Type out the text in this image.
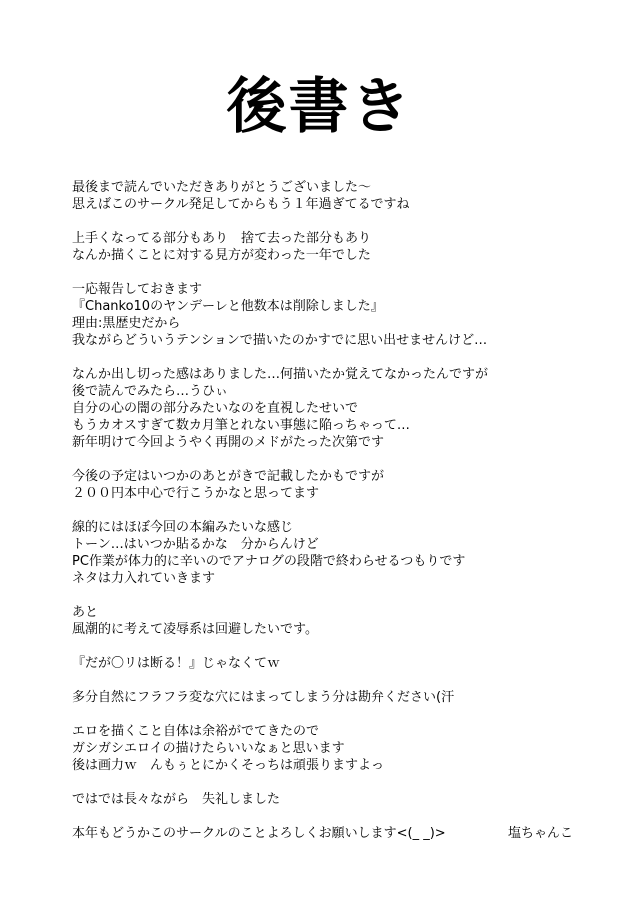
後書き
最後まで読んでいただきありがとうございました～
思えばこのサークル発足してからもう１年過ぎてるですね
上手くなってる部分もあり　捨て去った部分もあり
なんか描くことに対する見方が変わった一年でした
一応報告しておきます
『Chanko10のヤンデーレと他数本は削除しました』
理由:黒歴史だから
我ながらどういうテンションで描いたのかすでに思い出せませんけど…
なんか出し切った感はありました…何描いたか覚えてなかったんですが
後で読んでみたら…うひぃ
自分の心の闇の部分みたいなのを直視したせいで
もうカオスすぎて数カ月筆とれない事態に陥っちゃって…
新年明けて今回ようやく再開のメドがたった次第です
今後の予定はいつかのあとがきで記載したかもですが
２００円本中心で行こうかなと思ってます
線的にはほぼ今回の本編みたいな感じ
トーン…はいつか貼るかな　分からんけど
PC作業が体力的に辛いのでアナログの段階で終わらせるつもりです
ネタは力入れていきます
あと
風潮的に考えて凌辱系は回避したいです。
『だが〇リは断る！』じゃなくてｗ
多分自然にフラフラ変な穴にはまってしまう分は勘弁ください(汗
エロを描くこと自体は余裕がでてきたので
ガシガシエロイの描けたらいいなぁと思います
後は画力ｗ　んもぅとにかくそっちは頑張りますよっ
ではでは長々ながら　失礼しました
本年もどうかこのサークルのことよろしくお願いします<(_ _)>	塩ちゃんこ
